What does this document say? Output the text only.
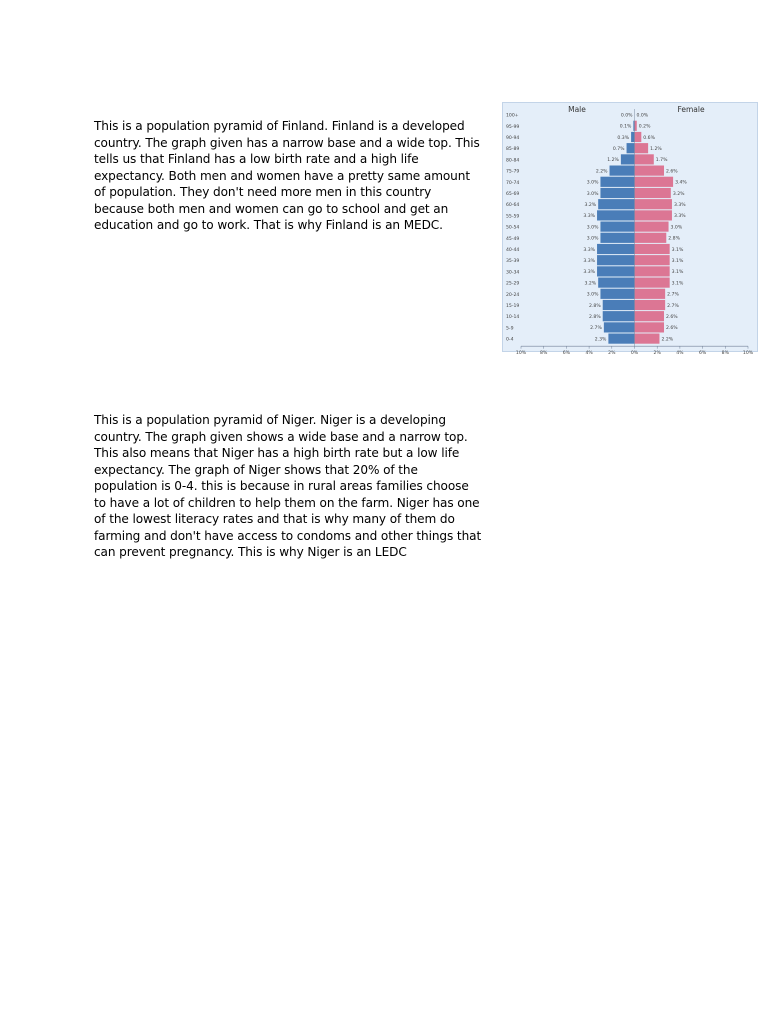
This is a population pyramid of Finland. Finland is a developed country. The graph given has a narrow base and a wide top. This tells us that Finland has a low birth rate and a high life expectancy. Both men and women have a pretty same amount of population. They don't need more men in this country because both men and women can go to school and get an education and go to work. That is why Finland is an MEDC.

Male	Female
100+	0.0% 0.0%
95-99	0.1% 0.2%
90-94	0.3%	0.6%
85-89	0.7%	1.2%
80-84	1.2%	1.7%
75-79	2.2%	2.6%
70-74	3.0%	3.4%
65-69	3.0%	3.2%
60-64	3.2%	3.3%
55-59	3.3%	3.3%
50-54	3.0%	3.0%
45-49	3.0%	2.8%
40-44	3.3%	3.1%
35-39	3.3%	3.1%
30-34	3.3%	3.1%
25-29	3.2%	3.1%
20-24	3.0%	2.7%
15-19	2.8%	2.7%
10-14	2.8%	2.6%
5-9	2.7%	2.6%
0-4	2.3%	2.2%
10%	8%	6%	4%	2%	0%	2%	4%	6%	8%	10%

This is a population pyramid of Niger. Niger is a developing country. The graph given shows a wide base and a narrow top. This also means that Niger has a high birth rate but a low life expectancy. The graph of Niger shows that 20% of the population is 0-4. this is because in rural areas families choose to have a lot of children to help them on the farm. Niger has one of the lowest literacy rates and that is why many of them do farming and don't have access to condoms and other things that can prevent pregnancy. This is why Niger is an LEDC
